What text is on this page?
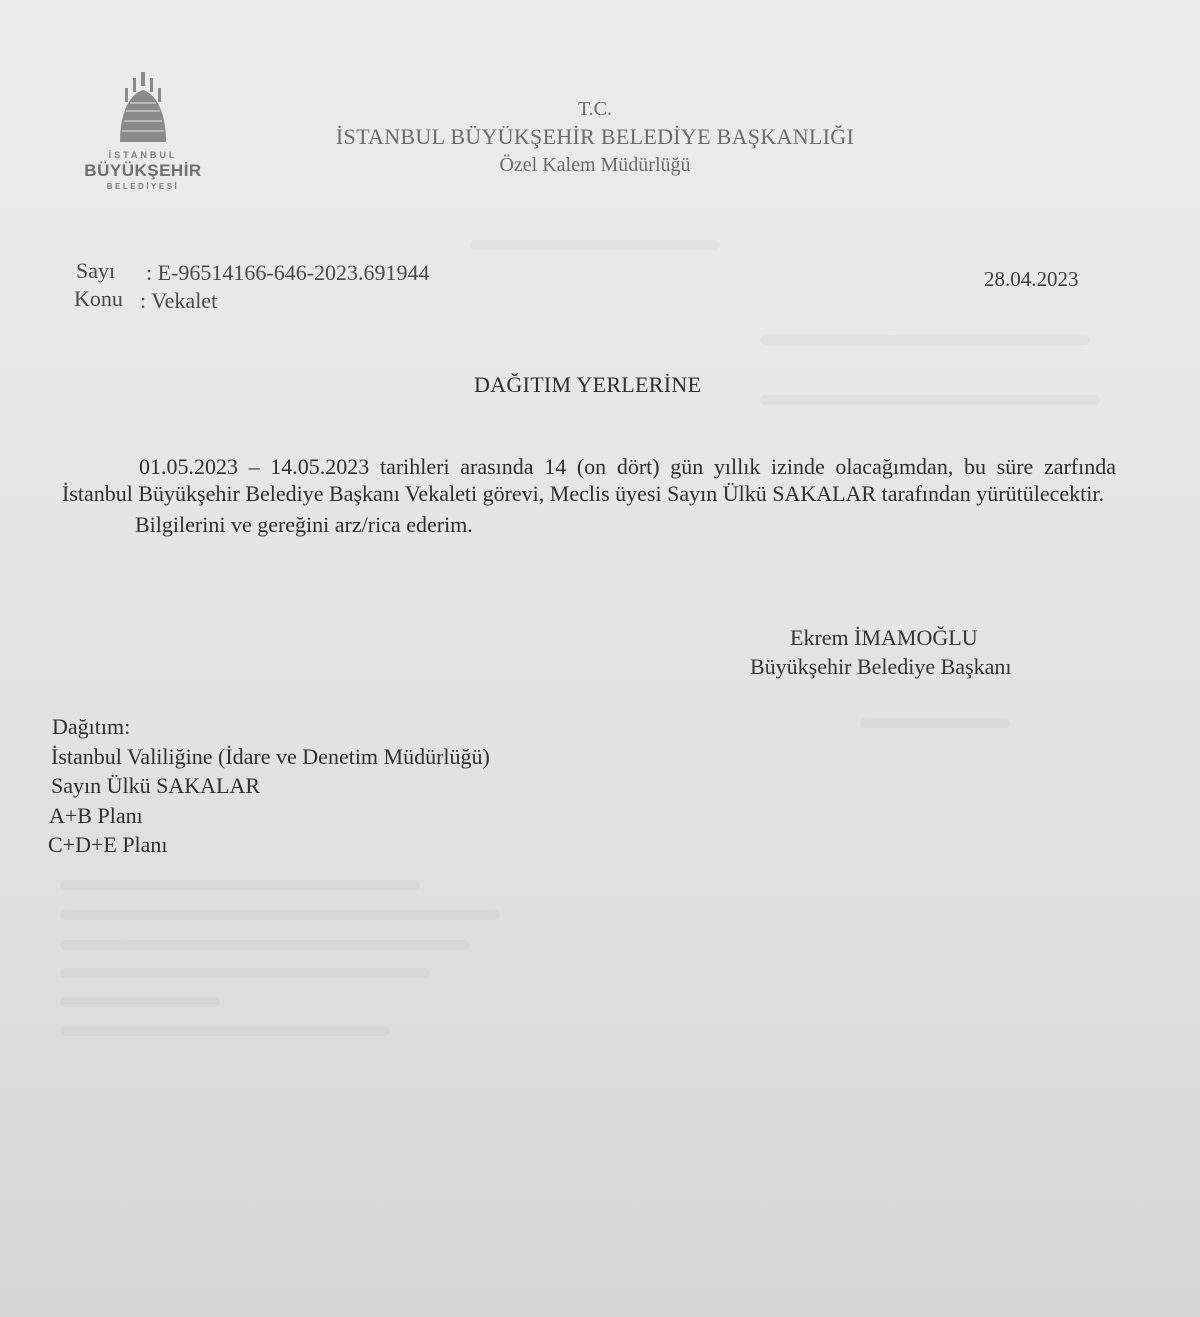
İSTANBUL
BÜYÜKŞEHİR
BELEDİYESİ
T.C.
İSTANBUL BÜYÜKŞEHİR BELEDİYE BAŞKANLIĞI
Özel Kalem Müdürlüğü
Sayı : E-96514166-646-2023.691944
Konu : Vekalet
28.04.2023
DAĞITIM YERLERİNE

01.05.2023 – 14.05.2023 tarihleri arasında 14 (on dört) gün yıllık izinde olacağımdan, bu süre zarfında İstanbul Büyükşehir Belediye Başkanı Vekaleti görevi, Meclis üyesi Sayın Ülkü SAKALAR tarafından yürütülecektir.

Bilgilerini ve gereğini arz/rica ederim.

Ekrem İMAMOĞLU
Büyükşehir Belediye Başkanı
Dağıtım:
İstanbul Valiliğine (İdare ve Denetim Müdürlüğü)
Sayın Ülkü SAKALAR
A+B Planı
C+D+E Planı
